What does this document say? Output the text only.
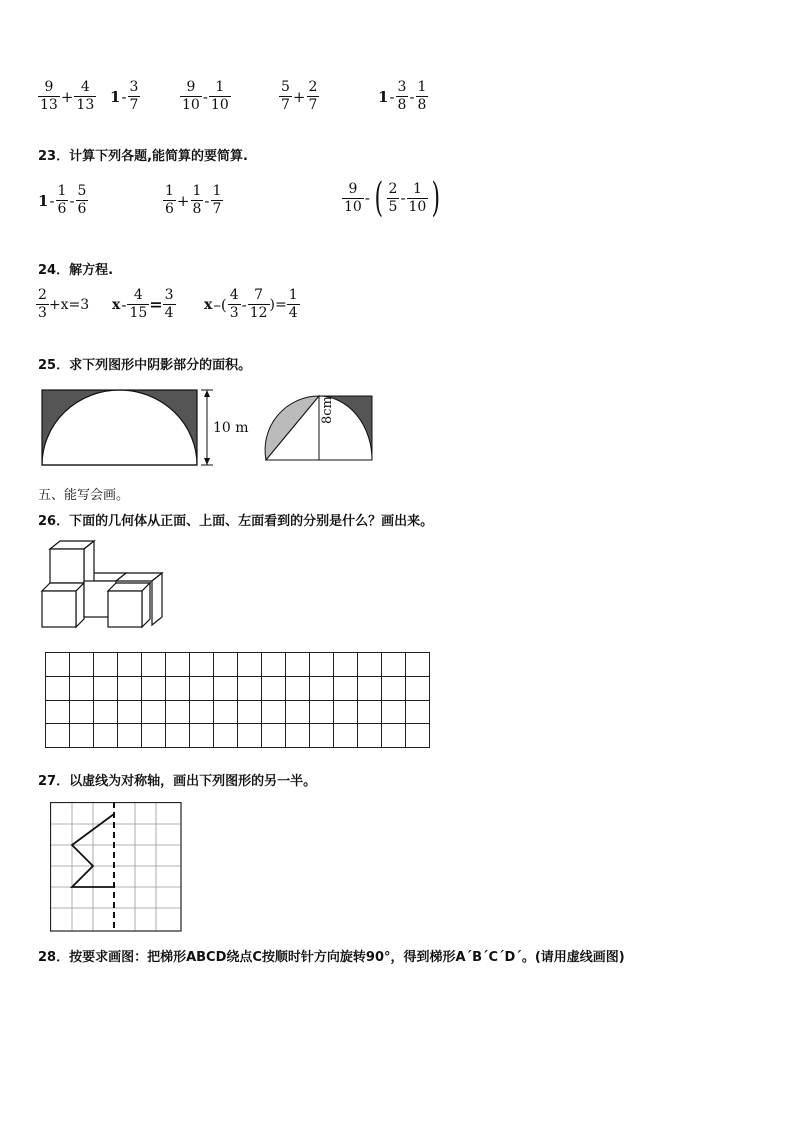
$\frac{9}{13} + \frac{4}{13} 1- \frac{3}{7}$	$\frac{9}{10} - \frac{1}{10}$	$\frac{5}{7} + \frac{2}{7}$	$1- \frac{3}{8} - \frac{1}{8}$
23．计算下列各题,能简算的要简算.
$1- \frac{1}{6} - \frac{5}{6}$	$\frac{1}{6} + \frac{1}{8} - \frac{1}{7}$	$\frac{9}{10}$ - ( $\frac{2}{5} - \frac{1}{10}$ )
24．解方程.
$\frac{2}{3} +x=3$ $x- \frac{4}{15} = \frac{3}{4} x-( \frac{4}{3} - \frac{7}{12}$ )= $\frac{1}{4}$
25．求下列图形中阴影部分的面积。
10 m
8cm
五、能写会画。
26．下面的几何体从正面、上面、左面看到的分别是什么？画出来。

27．以虚线为对称轴，画出下列图形的另一半。
28．按要求画图：把梯形ABCD绕点C按顺时针方向旋转90°，得到梯形A´B´C´D´。(请用虚线画图)
